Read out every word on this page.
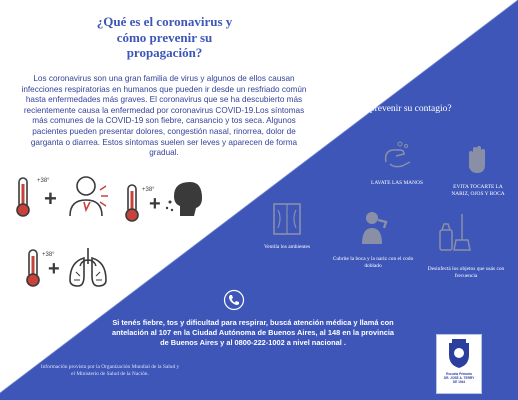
¿Qué es el coronavirus y
cómo prevenir su
propagación?
Los coronavirus son una gran familia de virus y algunos de ellos causan infecciones respiratorias en humanos que pueden ir desde un resfriado común hasta enfermedades más graves. El coronavirus que se ha descubierto más recientemente causa la enfermedad por coronavirus COVID-19.Los síntomas más comunes de la COVID-19 son fiebre, cansancio y tos seca. Algunos pacientes pueden presentar dolores, congestión nasal, rinorrea, dolor de garganta o diarrea. Estos síntomas suelen ser leves y aparecen de forma gradual.
+38°
+	+38°
+
+38°
+
¿Cómo prevenir su contagio?
LAVATE LAS MANOS
EVITA TOCARTE LA NARIZ, OJOS Y BOCA
Ventila los ambientes
Cubrite la boca y la nariz con el codo doblado
Desinfectá los objetos que usás con frecuencia
Si tenés fiebre, tos y dificultad para respirar, buscá atención médica y llamá con antelación al 107 en la Ciudad Autónoma de Buenos Aires, al 148 en la provincia de Buenos Aires y al 0800-222-1002 a nivel nacional .
Información provista por la Organización Mundial de la Salud y el Ministerio de Salud de la Nación.	Escuela Primaria
DR. JOSÉ A. TERRY
DE 1944
